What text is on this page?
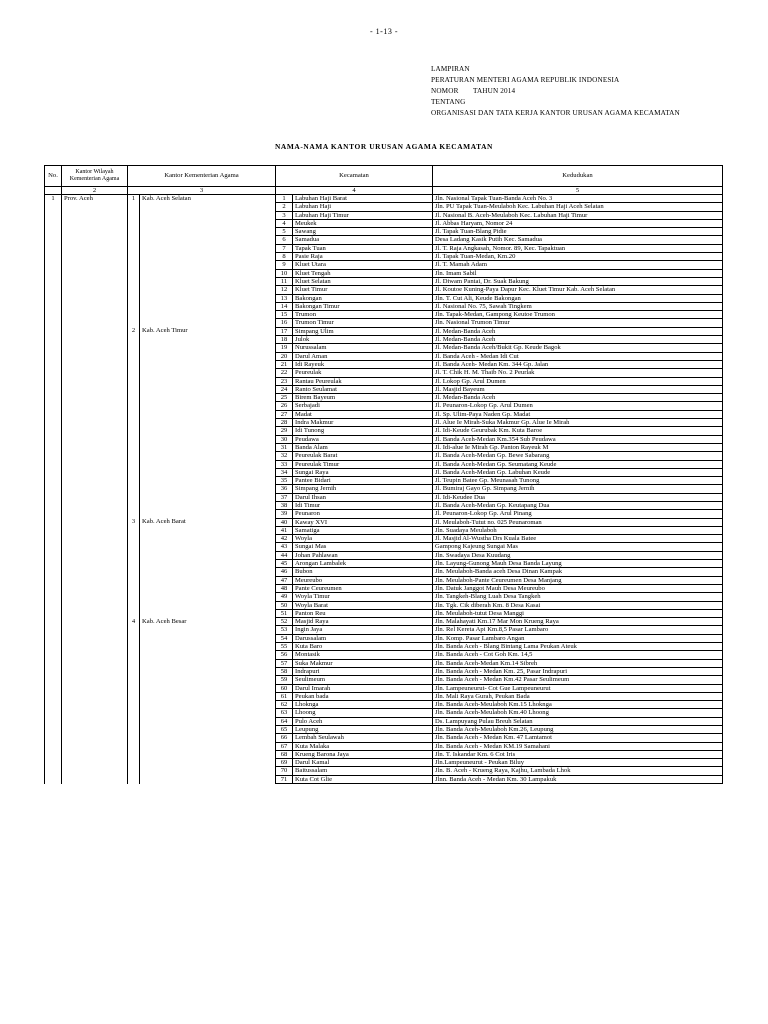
- 1-13 -
LAMPIRAN
PERATURAN MENTERI AGAMA REPUBLIK INDONESIA
NOMOR TAHUN 2014
TENTANG
ORGANISASI DAN TATA KERJA KANTOR URUSAN AGAMA KECAMATAN
NAMA-NAMA KANTOR URUSAN AGAMA KECAMATAN
No.	Kantor Wilayah Kementerian Agama	Kantor Kementerian Agama		Kecamatan		Kedudukan
	2	3		4		5
1	Prov. Aceh	1	Kab. Aceh Selatan	1	Labuhan Haji Barat	Jln. Nasional Tapak Tuan-Banda Aceh No. 3
				2	Labuhan Haji	Jln. PU Tapak Tuan-Meulaboh Kec. Labuhan Haji Aceh Selatan
				3	Labuhan Haji Timur	Jl. Nasional B. Aceh-Meulaboh Kec. Labuhan Haji Timur
				4	Meukek	Jl. Abbas Haryam, Nomor 24
				5	Sawang	Jl. Tapak Tuan-Blang Pidie
				6	Samadua	Desa Ladang Kasik Putih Kec. Samadua
				7	Tapak Tuan	Jl. T. Raja Angkasah, Nomor. 89, Kec. Tapaktuan
				8	Pasie Raja	Jl. Tapak Tuan-Medan, Km.20
				9	Kluet Utara	Jl. T. Mamah Adam
				10	Kluet Tengah	Jln. Imam Sabil
				11	Kluet Selatan	Jl. Diwam Pantai, Dr. Suak Bakung
				12	Kluet Timur	Jl. Koutoe Kuning-Paya Dapur Kec. Kluet Timur Kab. Aceh Selatan
				13	Bakongan	Jln. T. Cut Ali, Keude Bakongan
				14	Bakongan Timur	Jl. Nasional No. 75, Sawah Tingkem
				15	Trumon	Jln. Tapak-Medan, Gampong Keutoe Trumon
				16	Trumon Timur	Jln. Nasional Trumon Timur
		2	Kab. Aceh Timur	17	Simpang Ulim	Jl. Medan-Banda Aceh
				18	Julok	Jl. Medan-Banda Aceh
				19	Nurussalam	Jl. Medan-Banda Aceh/Bukit Gp. Keude Bagok
				20	Darul Aman	Jl. Banda Aceh - Medan Idi Cut
				21	Idi Rayeuk	Jl. Banda Aceh- Medan Km. 344 Gp. Jalan
				22	Peureulak	Jl. T. Chik H. M. Thaib No. 2 Peurlak
				23	Rantau Peureulak	Jl. Lokop Gp. Arul Dumen
				24	Ranto Seulamat	Jl. Masjid Bayeum
				25	Birem Bayeum	Jl. Medan-Banda Aceh
				26	Serbajadi	Jl. Peunaron-Lokop Gp. Arul Dumen
				27	Madat	Jl. Sp. Ulim-Paya Naden Gp. Madat
				28	Indra Makmur	Jl. Alue Ie Mirah-Suka Makmur Gp. Alue Ie Mirah
				29	Idi Tunong	Jl. Idi-Keude Geurubak Km. Kuta Baroe
				30	Peudawa	Jl. Banda Aceh-Medan Km.354 Sub Peudawa
				31	Banda Alam	Jl. Idi-alue Ie Mirah Gp. Panton Rayeuk M
				32	Peureulak Barat	Jl. Banda Aceh-Medan Gp. Bewe Sabarang
				33	Peureulak Timur	Jl. Banda Aceh-Medan Gp. Seumatang Keude
				34	Sungai Raya	Jl. Banda Aceh-Medan Gp. Labuhan Keude
				35	Pantee Bidari	Jl. Teupin Batee Gp. Meunasah Tunong
				36	Simpang Jernih	Jl. Bumiraj Gayo Gp. Simpang Jernih
				37	Darul Ihsan	Jl. Idi-Keudee Dua
				38	Idi Timur	Jl. Banda Aceh-Medan Gp. Keutapang Dua
				39	Peunaron	Jl. Peunaron-Lokop Gp. Arul Pinang
		3	Kab. Aceh Barat	40	Kaway XVI	Jl. Meulaboh-Tutut no. 025 Peunaroman
				41	Samatiga	Jln. Suadaya Meulaboh
				42	Woyla	Jl. Masjid Al-Wustha Drs Kuala Batee
				43	Sungai Mas	Gampong Kajeung Sungai Mas
				44	Johan Pahlawan	Jln. Swadaya Desa Kuudang
				45	Arongan Lambalek	Jln. Layung-Gunong Mauh Desa Banda Layung
				46	Bubon	Jln. Meulaboh-Banda aceh Desa Dinan Kampak
				47	Meureubo	Jln. Meulaboh-Pante Ceureumen Desa Manjang
				48	Pante Ceureumen	Jln. Datuk Janggot Mauh Desa Meureubo
				49	Woyla Timur	Jln. Tangkeh-Blang Luah Desa Tangkeh
				50	Woyla Barat	Jln. Tgk. Cik diberah Km. 8 Desa Kasai
				51	Panton Reu	Jln. Meulaboh-tutut Desa Manggi
		4	Kab. Aceh Besar	52	Masjid Raya	Jln. Malahayati Km.17 Mar Mon Krueng Raya
				53	Ingin Jaya	Jln. Rel Kereta Api Km.8,5 Pasar Lambaro
				54	Darussalam	Jln. Komp. Pasar Lambaro Angan
				55	Kuta Baro	Jln. Banda Aceh - Blang Bintang Lama Peukan Ateuk
				56	Montasik	Jln. Banda Aceh - Cot Goh Km. 14,5
				57	Suka Makmur	Jln. Banda Aceh-Medan Km.14 Sibreh
				58	Indrapuri	Jln. Banda Aceh - Medan Km. 25, Pasar Indrapuri
				59	Seulimeum	Jln. Banda Aceh - Medan Km.42 Pasar Seulimeum
				60	Darul Imarah	Jln. Lampeuneurut- Cot Gue Lampeuneurut
				61	Peukan bada	Jln. Mali Raya Gurah, Peukan Bada
				62	Lhoknga	Jln. Banda Aceh-Meulaboh Km.15 Lhoknga
				63	Lhoong	Jln. Banda Aceh-Meulaboh Km.40 Lhoong
				64	Pulo Aceh	Ds. Lampuyang Pulau Breuh Selatan
				65	Leupung	Jln. Banda Aceh-Meulaboh Km.26, Leupung
				66	Lembah Seulawah	Jln. Banda Aceh - Medan Km. 47 Lamtamot
				67	Kuta Malaka	Jln. Banda Aceh - Medan KM.19 Samahani
				68	Krueng Barona Jaya	Jln. T. Iskandar Km. 6 Cot Iris
				69	Darul Kamal	Jln.Lampeuneurut - Peukan Biluy
				70	Baitussalam	Jln. B. Aceh - Krueng Raya, Kajhu, Lambada Lhok
				71	Kuta Cot Glie	Jlnn. Banda Aceh - Medan Km. 30 Lampakuk
